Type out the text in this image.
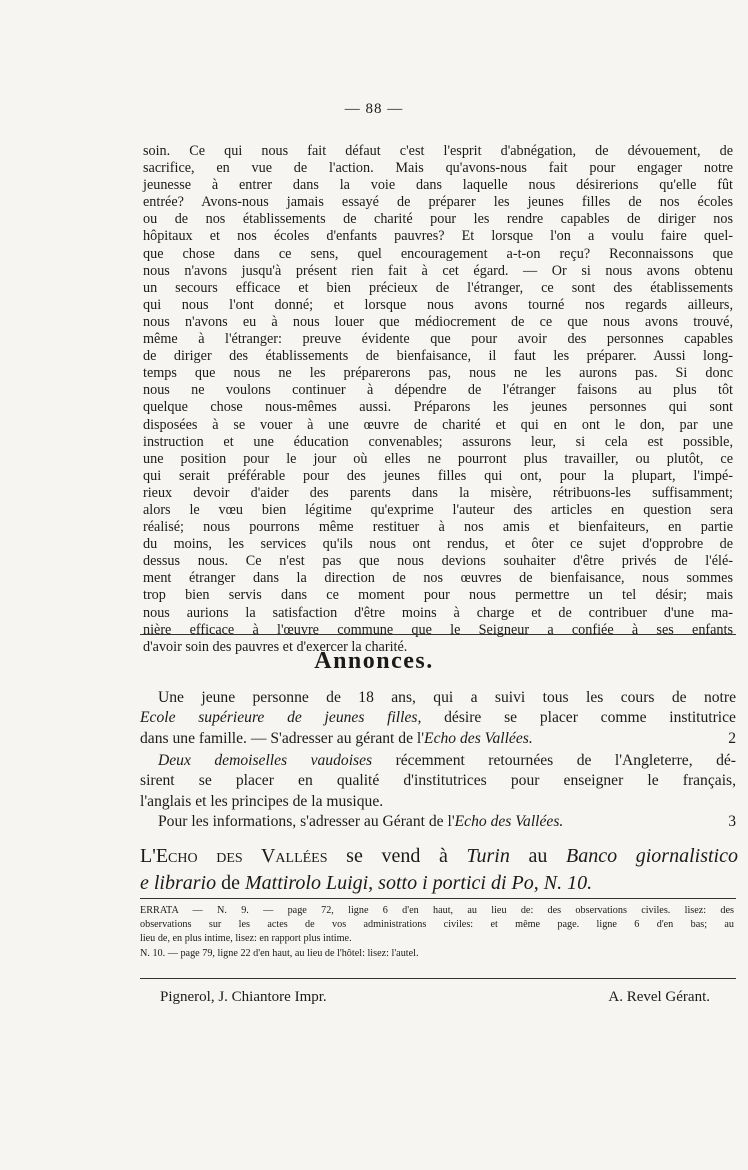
— 88 —
soin. Ce qui nous fait défaut c'est l'esprit d'abnégation, de dévouement, de
sacrifice, en vue de l'action. Mais qu'avons-nous fait pour engager notre
jeunesse à entrer dans la voie dans laquelle nous désirerions qu'elle fût
entrée? Avons-nous jamais essayé de préparer les jeunes filles de nos écoles
ou de nos établissements de charité pour les rendre capables de diriger nos
hôpitaux et nos écoles d'enfants pauvres? Et lorsque l'on a voulu faire quel-
que chose dans ce sens, quel encouragement a-t-on reçu? Reconnaissons que
nous n'avons jusqu'à présent rien fait à cet égard. — Or si nous avons obtenu
un secours efficace et bien précieux de l'étranger, ce sont des établissements
qui nous l'ont donné; et lorsque nous avons tourné nos regards ailleurs,
nous n'avons eu à nous louer que médiocrement de ce que nous avons trouvé,
même à l'étranger: preuve évidente que pour avoir des personnes capables
de diriger des établissements de bienfaisance, il faut les préparer. Aussi long-
temps que nous ne les préparerons pas, nous ne les aurons pas. Si donc
nous ne voulons continuer à dépendre de l'étranger faisons au plus tôt
quelque chose nous-mêmes aussi. Préparons les jeunes personnes qui sont
disposées à se vouer à une œuvre de charité et qui en ont le don, par une
instruction et une éducation convenables; assurons leur, si cela est possible,
une position pour le jour où elles ne pourront plus travailler, ou plutôt, ce
qui serait préférable pour des jeunes filles qui ont, pour la plupart, l'impé-
rieux devoir d'aider des parents dans la misère, rétribuons-les suffisamment;
alors le vœu bien légitime qu'exprime l'auteur des articles en question sera
réalisé; nous pourrons même restituer à nos amis et bienfaiteurs, en partie
du moins, les services qu'ils nous ont rendus, et ôter ce sujet d'opprobre de
dessus nous. Ce n'est pas que nous devions souhaiter d'être privés de l'élé-
ment étranger dans la direction de nos œuvres de bienfaisance, nous sommes
trop bien servis dans ce moment pour nous permettre un tel désir; mais
nous aurions la satisfaction d'être moins à charge et de contribuer d'une ma-
nière efficace à l'œuvre commune que le Seigneur a confiée à ses enfants
d'avoir soin des pauvres et d'exercer la charité.
Annonces.
Une jeune personne de 18 ans, qui a suivi tous les cours de notre
Ecole supérieure de jeunes filles, désire se placer comme institutrice
dans une famille. — S'adresser au gérant de l'Echo des Vallées.	2
Deux demoiselles vaudoises récemment retournées de l'Angleterre, dé-
sirent se placer en qualité d'institutrices pour enseigner le français,
l'anglais et les principes de la musique.
Pour les informations, s'adresser au Gérant de l'Echo des Vallées.	3
L'Echo des Vallées se vend à Turin au Banco giornalistico
e librario de Mattirolo Luigi, sotto i portici di Po, N. 10.
ERRATA — N. 9. — page 72, ligne 6 d'en haut, au lieu de: des observations civiles. lisez: des
observations sur les actes de vos administrations civiles: et même page. ligne 6 d'en bas; au
lieu de, en plus intime, lisez: en rapport plus intime.
N. 10. — page 79, ligne 22 d'en haut, au lieu de l'hôtel: lisez: l'autel.
Pignerol, J. Chiantore Impr.	A. Revel Gérant.
